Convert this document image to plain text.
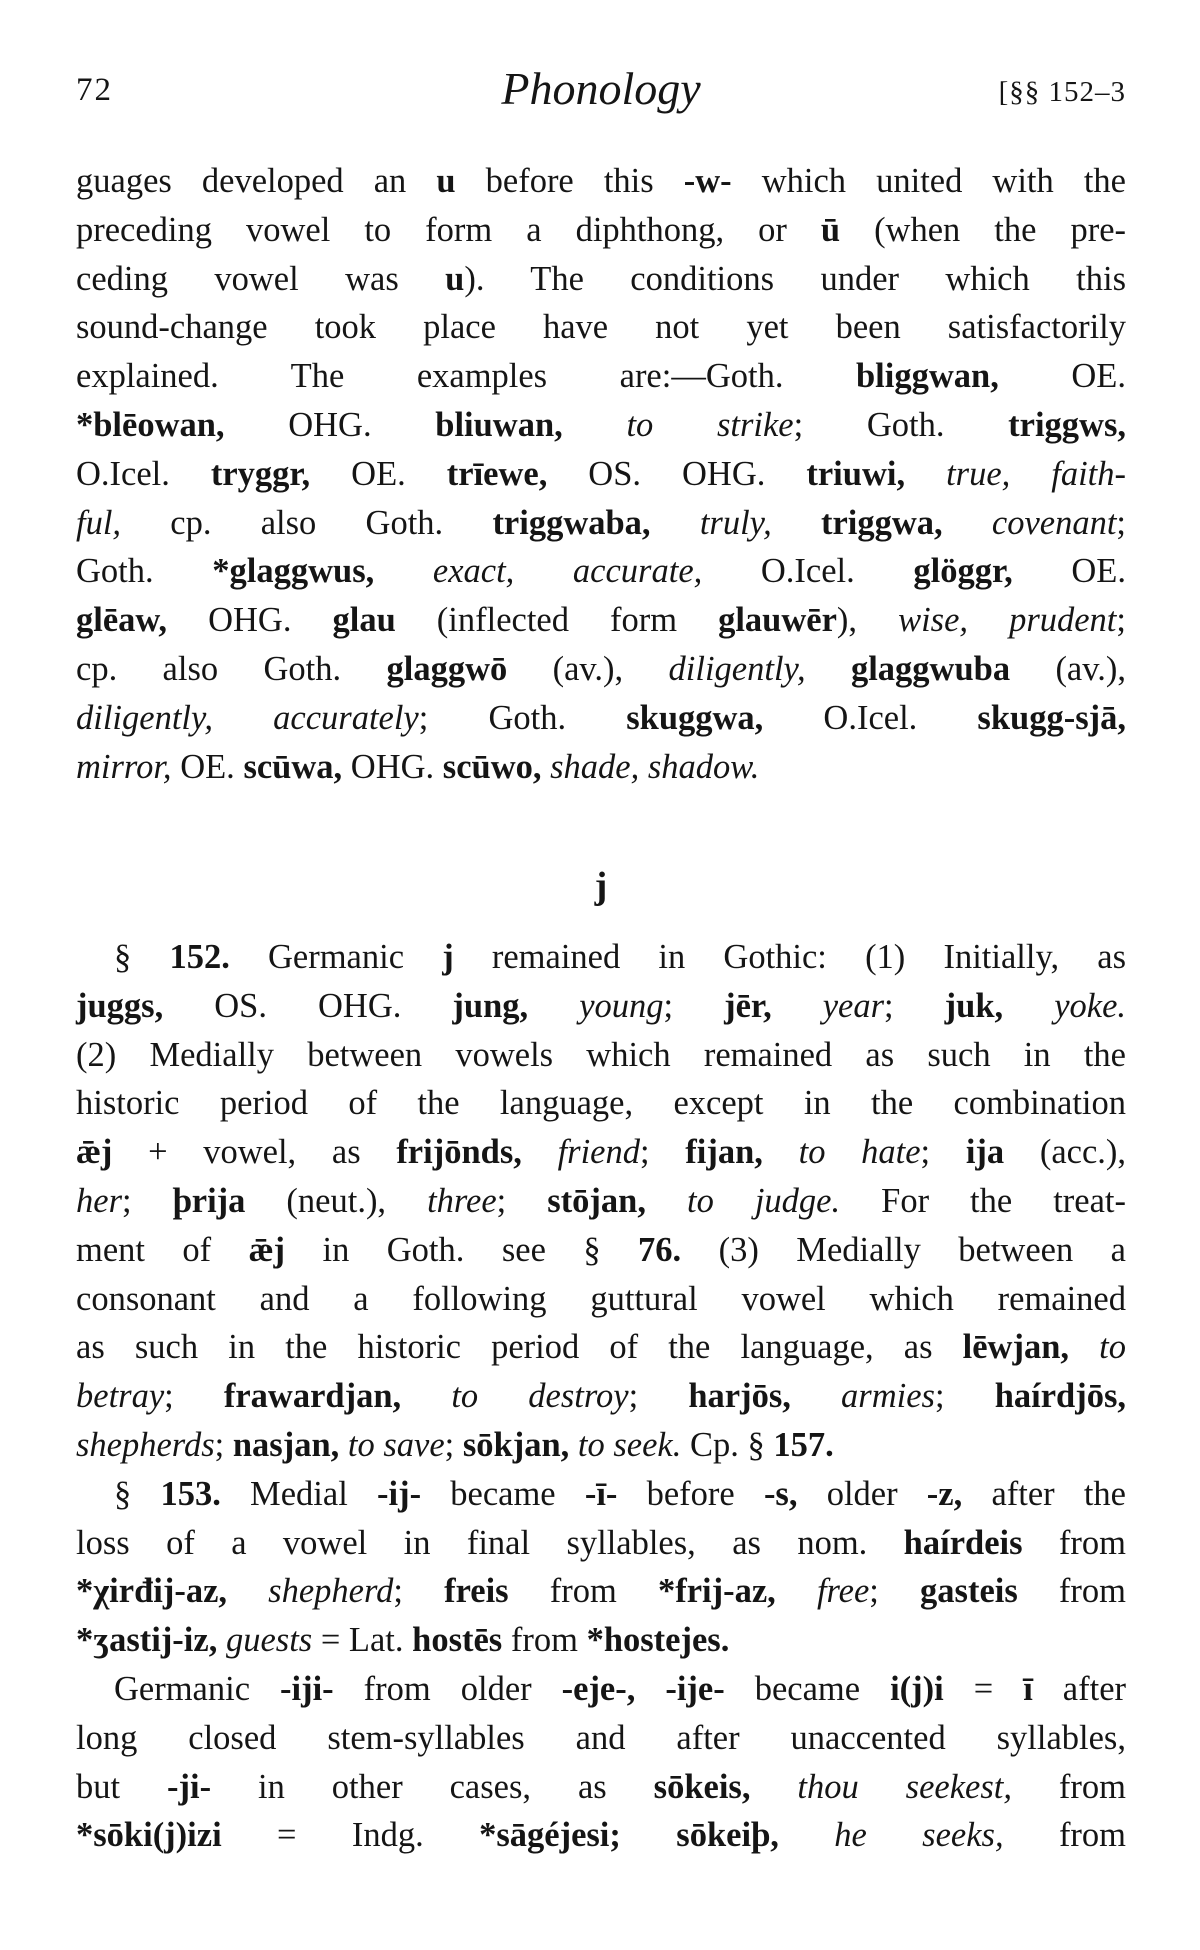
72	Phonology	[§§ 152–3
guages developed an u before this -w- which united with the
preceding vowel to form a diphthong, or ū (when the pre-
ceding vowel was u). The conditions under which this
sound-change took place have not yet been satisfactorily
explained. The examples are:—Goth. bliggwan, OE.
*blēowan, OHG. bliuwan, to strike; Goth. triggws,
O.Icel. tryggr, OE. trīewe, OS. OHG. triuwi, true, faith-
ful, cp. also Goth. triggwaba, truly, triggwa, covenant;
Goth. *glaggwus, exact, accurate, O.Icel. glöggr, OE.
glēaw, OHG. glau (inflected form glauwēr), wise, prudent;
cp. also Goth. glaggwō (av.), diligently, glaggwuba (av.),
diligently, accurately; Goth. skuggwa, O.Icel. skugg-sjā,
mirror, OE. scūwa, OHG. scūwo, shade, shadow.
j
§ 152. Germanic j remained in Gothic: (1) Initially, as
juggs, OS. OHG. jung, young; jēr, year; juk, yoke.
(2) Medially between vowels which remained as such in the
historic period of the language, except in the combination
ǣj + vowel, as frijōnds, friend; fijan, to hate; ija (acc.),
her; þrija (neut.), three; stōjan, to judge. For the treat-
ment of ǣj in Goth. see § 76. (3) Medially between a
consonant and a following guttural vowel which remained
as such in the historic period of the language, as lēwjan, to
betray; frawardjan, to destroy; harjōs, armies; haírdjōs,
shepherds; nasjan, to save; sōkjan, to seek. Cp. § 157.
§ 153. Medial -ij- became -ī- before -s, older -z, after the
loss of a vowel in final syllables, as nom. haírdeis from
*χirđij-az, shepherd; freis from *frij-az, free; gasteis from
*ʒastij-iz, guests = Lat. hostēs from *hostejes.
Germanic -iji- from older -eje-, -ije- became i(j)i = ī after
long closed stem-syllables and after unaccented syllables,
but -ji- in other cases, as sōkeis, thou seekest, from
*sōki(j)izi = Indg. *sāgéjesi; sōkeiþ, he seeks, from
